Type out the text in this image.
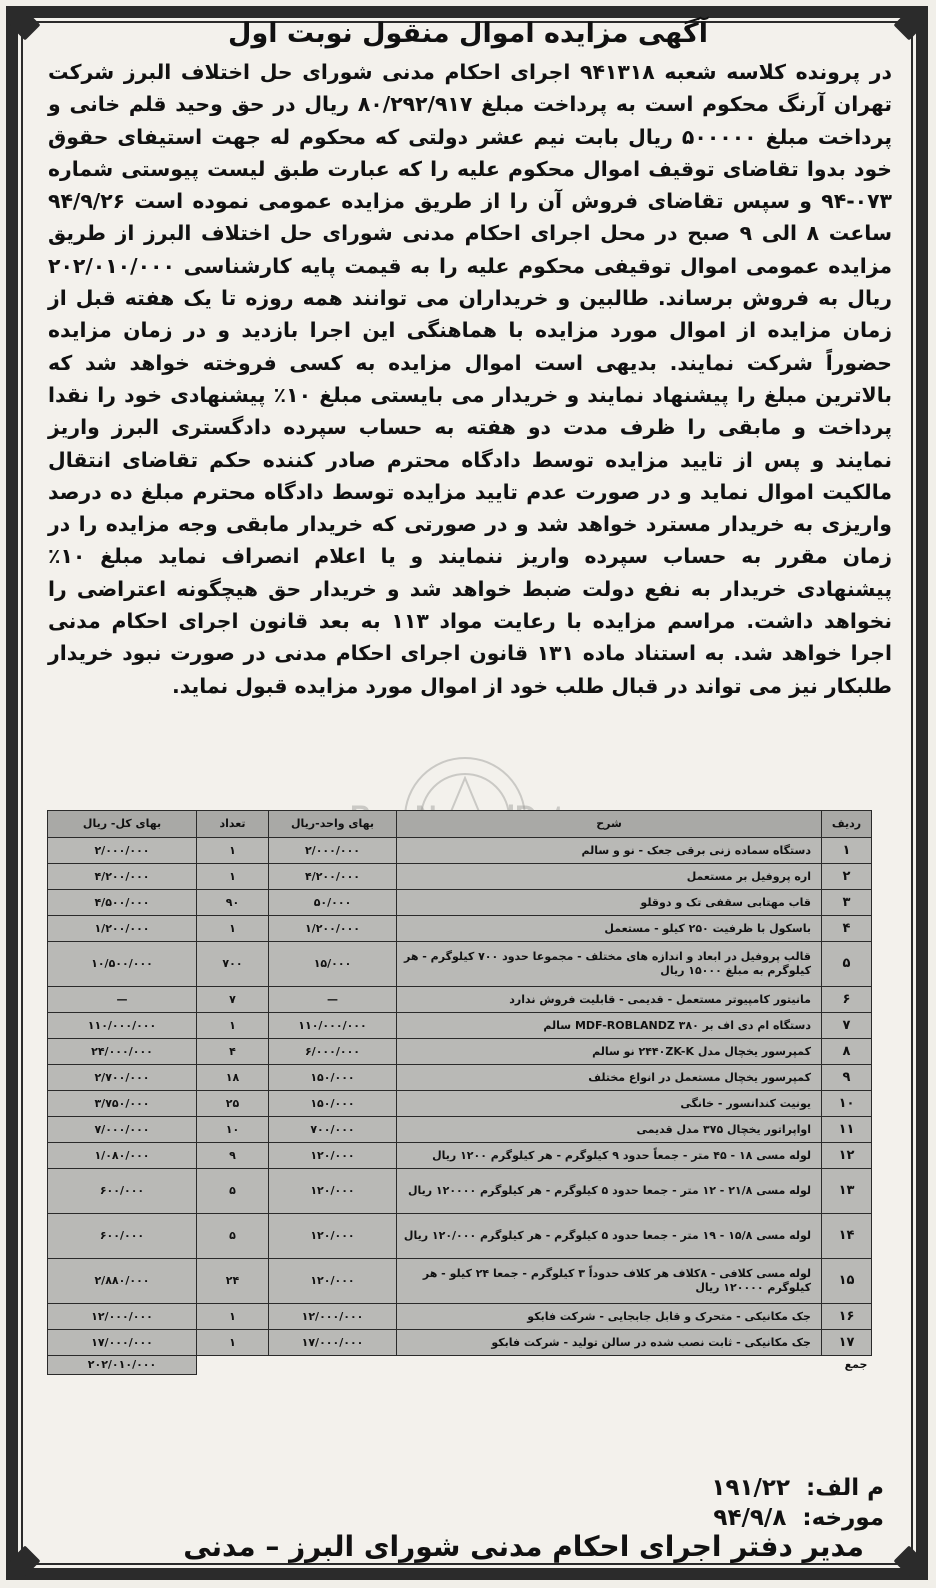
آگهی مزایده اموال منقول نوبت اول
در پرونده کلاسه شعبه ۹۴۱۳۱۸ اجرای احکام مدنی شورای حل اختلاف البرز شرکت تهران آرنگ محکوم است به پرداخت مبلغ ۸۰/۲۹۲/۹۱۷ ریال در حق وحید قلم خانی و پرداخت مبلغ ۵۰۰۰۰۰ ریال بابت نیم عشر دولتی که محکوم له جهت استیفای حقوق خود بدوا تقاضای توقیف اموال محکوم علیه را که عبارت طبق لیست پیوستی شماره ۰۷۳-۹۴ و سپس تقاضای فروش آن را از طریق مزایده عمومی نموده است ۹۴/۹/۲۶ ساعت ۸ الی ۹ صبح در محل اجرای احکام مدنی شورای حل اختلاف البرز از طریق مزایده عمومی اموال توقیفی محکوم علیه را به قیمت پایه کارشناسی ۲۰۲/۰۱۰/۰۰۰ ریال به فروش برساند. طالبین و خریداران می توانند همه روزه تا یک هفته قبل از زمان مزایده از اموال مورد مزایده با هماهنگی این اجرا بازدید و در زمان مزایده حضوراً شرکت نمایند. بدیهی است اموال مزایده به کسی فروخته خواهد شد که بالاترین مبلغ را پیشنهاد نمایند و خریدار می بایستی مبلغ ۱۰٪ پیشنهادی خود را نقدا پرداخت و مابقی را ظرف مدت دو هفته به حساب سپرده دادگستری البرز واریز نمایند و پس از تایید مزایده توسط دادگاه محترم صادر کننده حکم تقاضای انتقال مالکیت اموال نماید و در صورت عدم تایید مزایده توسط دادگاه محترم مبلغ ده درصد واریزی به خریدار مسترد خواهد شد و در صورتی که خریدار مابقی وجه مزایده را در زمان مقرر به حساب سپرده واریز ننمایند و یا اعلام انصراف نماید مبلغ ۱۰٪ پیشنهادی خریدار به نفع دولت ضبط خواهد شد و خریدار حق هیچگونه اعتراضی را نخواهد داشت. مراسم مزایده با رعایت مواد ۱۱۳ به بعد قانون اجرای احکام مدنی اجرا خواهد شد. به استناد ماده ۱۳۱ قانون اجرای احکام مدنی در صورت نبود خریدار طلبکار نیز می تواند در قبال طلب خود از اموال مورد مزایده قبول نماید.
ردیف	شرح	بهای واحد-ریال	تعداد	بهای کل- ریال
۱	دستگاه سماده زنی برقی جعک - نو و سالم	۲/۰۰۰/۰۰۰	۱	۲/۰۰۰/۰۰۰
۲	اره پروفیل بر مستعمل	۴/۲۰۰/۰۰۰	۱	۴/۲۰۰/۰۰۰
۳	قاب مهتابی سقفی تک و دوقلو	۵۰/۰۰۰	۹۰	۴/۵۰۰/۰۰۰
۴	باسکول با ظرفیت ۲۵۰ کیلو - مستعمل	۱/۲۰۰/۰۰۰	۱	۱/۲۰۰/۰۰۰
۵	قالب پروفیل در ابعاد و اندازه های مختلف - مجموعا حدود ۷۰۰ کیلوگرم - هر کیلوگرم به مبلغ ۱۵۰۰۰ ریال	۱۵/۰۰۰	۷۰۰	۱۰/۵۰۰/۰۰۰
۶	مانیتور کامپیوتر مستعمل - قدیمی - قابلیت فروش ندارد	—	۷	—
۷	دستگاه ام دی اف بر ۳۸۰ MDF-ROBLANDZ سالم	۱۱۰/۰۰۰/۰۰۰	۱	۱۱۰/۰۰۰/۰۰۰
۸	کمپرسور یخچال مدل ۲۴۴۰ZK-K نو سالم	۶/۰۰۰/۰۰۰	۴	۲۴/۰۰۰/۰۰۰
۹	کمپرسور یخچال مستعمل در انواع مختلف	۱۵۰/۰۰۰	۱۸	۲/۷۰۰/۰۰۰
۱۰	یونیت کندانسور - خانگی	۱۵۰/۰۰۰	۲۵	۳/۷۵۰/۰۰۰
۱۱	اواپراتور یخچال ۳۷۵ مدل قدیمی	۷۰۰/۰۰۰	۱۰	۷/۰۰۰/۰۰۰
۱۲	لوله مسی ۱۸ - ۴۵ متر - جمعاً حدود ۹ کیلوگرم - هر کیلوگرم ۱۲۰۰ ریال	۱۲۰/۰۰۰	۹	۱/۰۸۰/۰۰۰
۱۳	لوله مسی ۲۱/۸ - ۱۲ متر - جمعا حدود ۵ کیلوگرم - هر کیلوگرم ۱۲۰۰۰۰ ریال	۱۲۰/۰۰۰	۵	۶۰۰/۰۰۰
۱۴	لوله مسی ۱۵/۸ - ۱۹ متر - جمعا حدود ۵ کیلوگرم - هر کیلوگرم ۱۲۰/۰۰۰ ریال	۱۲۰/۰۰۰	۵	۶۰۰/۰۰۰
۱۵	لوله مسی کلافی - ۸کلاف هر کلاف حدوداً ۳ کیلوگرم - جمعا ۲۴ کیلو - هر کیلوگرم ۱۲۰۰۰۰ ریال	۱۲۰/۰۰۰	۲۴	۲/۸۸۰/۰۰۰
۱۶	جک مکانیکی - متحرک و قابل جابجایی - شرکت فابکو	۱۲/۰۰۰/۰۰۰	۱	۱۲/۰۰۰/۰۰۰
۱۷	جک مکانیکی - ثابت نصب شده در سالن تولید - شرکت فابکو	۱۷/۰۰۰/۰۰۰	۱	۱۷/۰۰۰/۰۰۰
جمع				۲۰۲/۰۱۰/۰۰۰
م الف: ۱۹۱/۲۲
مورخه: ۹۴/۹/۸
مدیر دفتر اجرای احکام مدنی شورای البرز – مدنی
